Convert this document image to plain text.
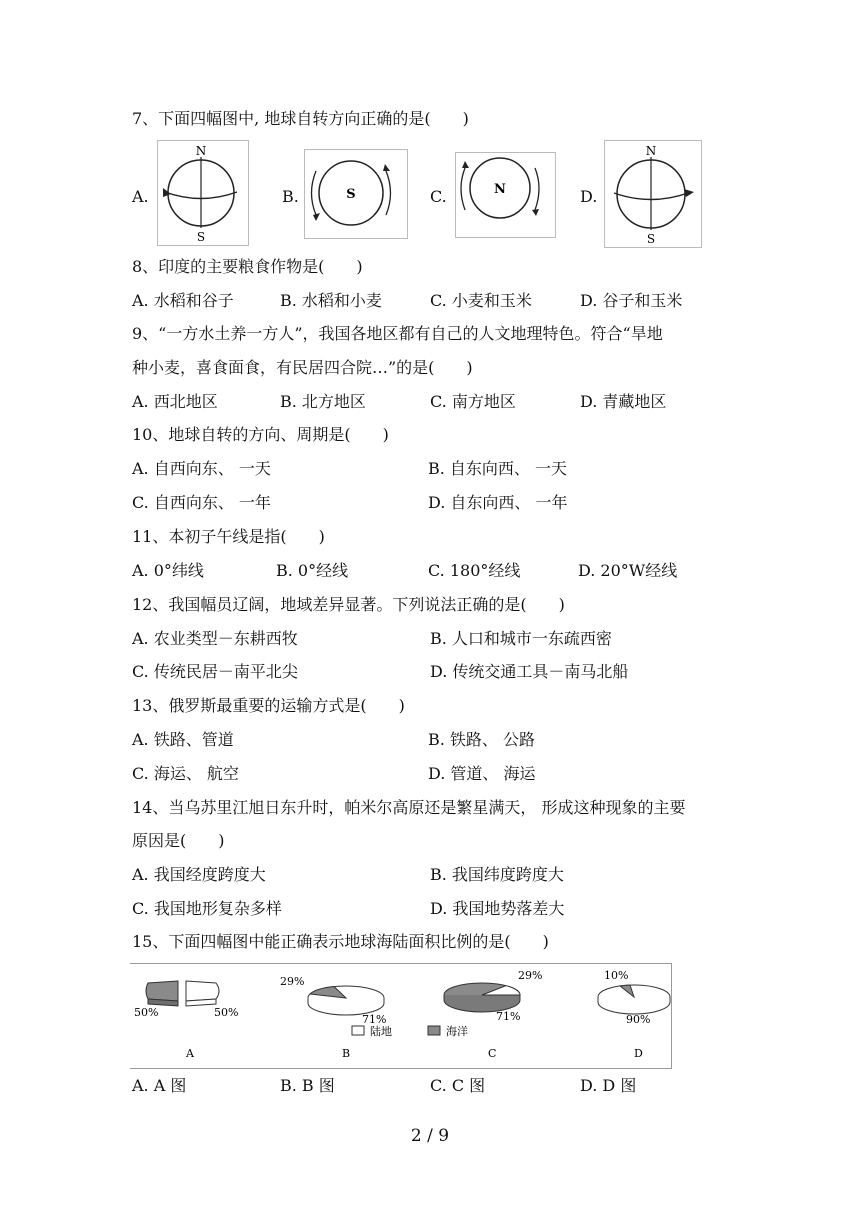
7、下面四幅图中, 地球自转方向正确的是(　　)
A.
N
S
B.	S	C.	N	D.
N
S
8、印度的主要粮食作物是(　　)
A. 水稻和谷子	B. 水稻和小麦	C. 小麦和玉米	D. 谷子和玉米
9、“一方水土养一方人”，我国各地区都有自己的人文地理特色。符合“旱地
种小麦，喜食面食，有民居四合院…”的是(　　)
A. 西北地区	B. 北方地区	C. 南方地区	D. 青藏地区
10、地球自转的方向、周期是(　　)
A. 自西向东、 一天	B. 自东向西、 一天
C. 自西向东、 一年	D. 自东向西、 一年
11、本初子午线是指(　　)
A. 0°纬线	B. 0°经线	C. 180°经线	D. 20°W经线
12、我国幅员辽阔，地域差异显著。下列说法正确的是(　　)
A. 农业类型－东耕西牧	B. 人口和城市一东疏西密
C. 传统民居－南平北尖	D. 传统交通工具－南马北船
13、俄罗斯最重要的运输方式是(　　)
A. 铁路、管道	B. 铁路、 公路
C. 海运、 航空	D. 管道、 海运
14、当乌苏里江旭日东升时，帕米尔高原还是繁星满天， 形成这种现象的主要
原因是(　　)
A. 我国经度跨度大	B. 我国纬度跨度大
C. 我国地形复杂多样	D. 我国地势落差大
15、下面四幅图中能正确表示地球海陆面积比例的是(　　)
50%	50%
A
29%
71%
B
29%
71%
C
10%
90%
D
陆地	海洋
A. A 图	B. B 图	C. C 图	D. D 图
2 / 9
